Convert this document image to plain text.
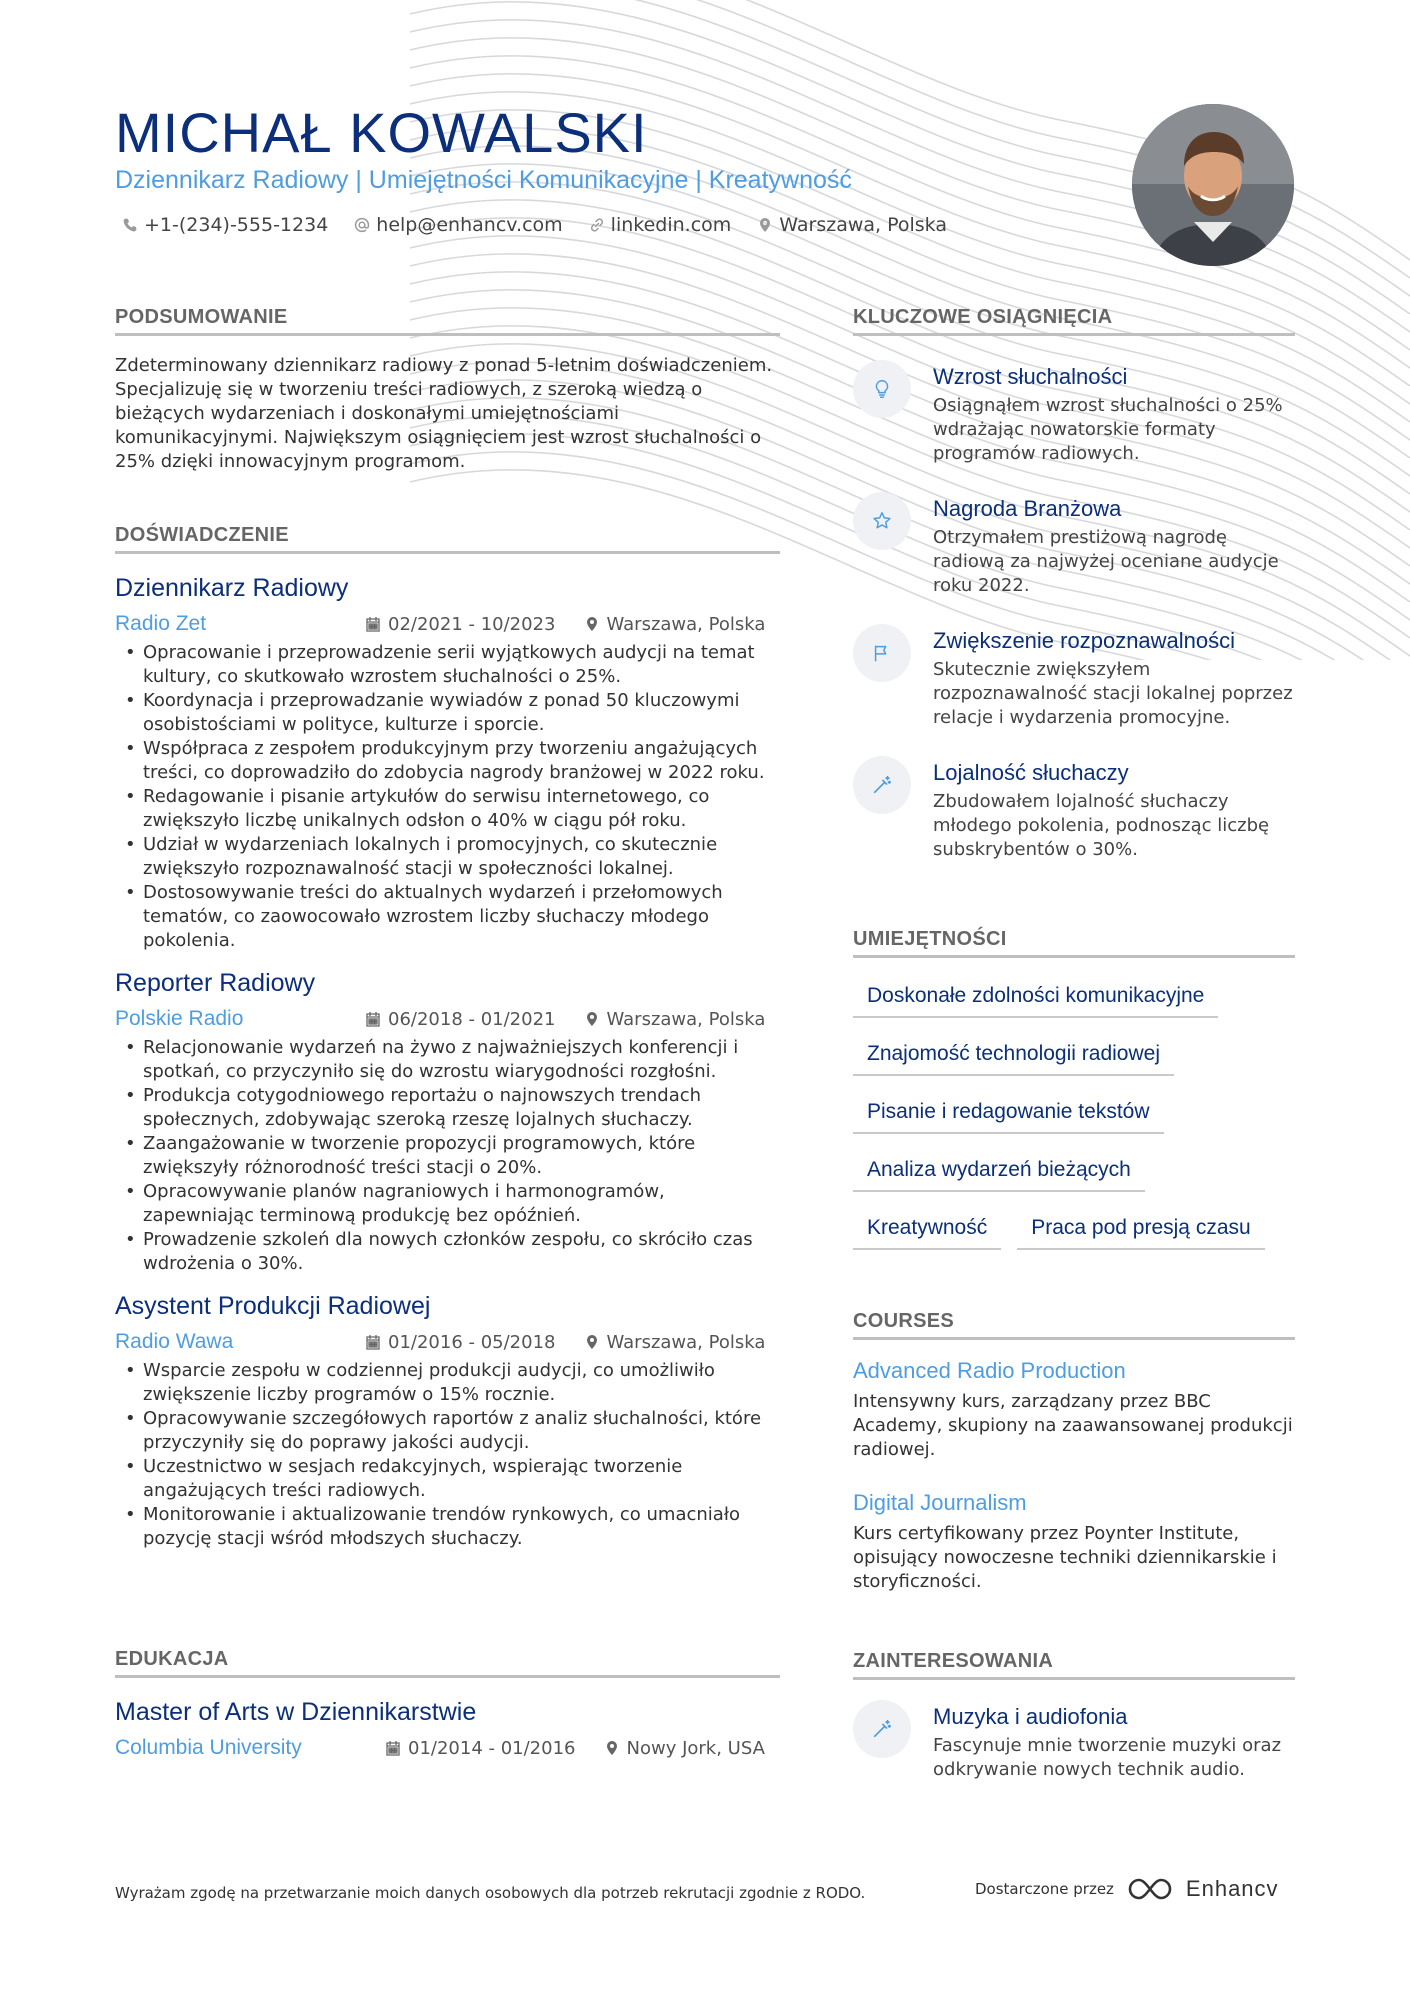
MICHAŁ KOWALSKI
Dziennikarz Radiowy | Umiejętności Komunikacyjne | Kreatywność
+1-(234)-555-1234	help@enhancv.com	linkedin.com	Warszawa, Polska
PODSUMOWANIE

Zdeterminowany dziennikarz radiowy z ponad 5-letnim doświadczeniem. Specjalizuję się w tworzeniu treści radiowych, z szeroką wiedzą o bieżących wydarzeniach i doskonałymi umiejętnościami komunikacyjnymi. Największym osiągnięciem jest wzrost słuchalności o 25% dzięki innowacyjnym programom.

DOŚWIADCZENIE
Dziennikarz Radiowy
Radio Zet	02/2021 - 10/2023	Warszawa, Polska
• Opracowanie i przeprowadzenie serii wyjątkowych audycji na temat kultury, co skutkowało wzrostem słuchalności o 25%.
• Koordynacja i przeprowadzanie wywiadów z ponad 50 kluczowymi osobistościami w polityce, kulturze i sporcie.
• Współpraca z zespołem produkcyjnym przy tworzeniu angażujących treści, co doprowadziło do zdobycia nagrody branżowej w 2022 roku.
• Redagowanie i pisanie artykułów do serwisu internetowego, co zwiększyło liczbę unikalnych odsłon o 40% w ciągu pół roku.
• Udział w wydarzeniach lokalnych i promocyjnych, co skutecznie zwiększyło rozpoznawalność stacji w społeczności lokalnej.
• Dostosowywanie treści do aktualnych wydarzeń i przełomowych tematów, co zaowocowało wzrostem liczby słuchaczy młodego pokolenia.
Reporter Radiowy
Polskie Radio	06/2018 - 01/2021	Warszawa, Polska
• Relacjonowanie wydarzeń na żywo z najważniejszych konferencji i spotkań, co przyczyniło się do wzrostu wiarygodności rozgłośni.
• Produkcja cotygodniowego reportażu o najnowszych trendach społecznych, zdobywając szeroką rzeszę lojalnych słuchaczy.
• Zaangażowanie w tworzenie propozycji programowych, które zwiększyły różnorodność treści stacji o 20%.
• Opracowywanie planów nagraniowych i harmonogramów, zapewniając terminową produkcję bez opóźnień.
• Prowadzenie szkoleń dla nowych członków zespołu, co skróciło czas wdrożenia o 30%.
Asystent Produkcji Radiowej
Radio Wawa	01/2016 - 05/2018	Warszawa, Polska
• Wsparcie zespołu w codziennej produkcji audycji, co umożliwiło zwiększenie liczby programów o 15% rocznie.
• Opracowywanie szczegółowych raportów z analiz słuchalności, które przyczyniły się do poprawy jakości audycji.
• Uczestnictwo w sesjach redakcyjnych, wspierając tworzenie angażujących treści radiowych.
• Monitorowanie i aktualizowanie trendów rynkowych, co umacniało pozycję stacji wśród młodszych słuchaczy.
EDUKACJA
Master of Arts w Dziennikarstwie
Columbia University	01/2014 - 01/2016	Nowy Jork, USA
KLUCZOWE OSIĄGNIĘCIA
Wzrost słuchalności
Osiągnąłem wzrost słuchalności o 25% wdrażając nowatorskie formaty programów radiowych.
Nagroda Branżowa
Otrzymałem prestiżową nagrodę radiową za najwyżej oceniane audycje roku 2022.
Zwiększenie rozpoznawalności
Skutecznie zwiększyłem rozpoznawalność stacji lokalnej poprzez relacje i wydarzenia promocyjne.
Lojalność słuchaczy
Zbudowałem lojalność słuchaczy młodego pokolenia, podnosząc liczbę subskrybentów o 30%.
UMIEJĘTNOŚCI
Doskonałe zdolności komunikacyjne
Znajomość technologii radiowej
Pisanie i redagowanie tekstów
Analiza wydarzeń bieżących
Kreatywność	Praca pod presją czasu
COURSES
Advanced Radio Production
Intensywny kurs, zarządzany przez BBC Academy, skupiony na zaawansowanej produkcji radiowej.
Digital Journalism
Kurs certyfikowany przez Poynter Institute, opisujący nowoczesne techniki dziennikarskie i storyficzności.
ZAINTERESOWANIA
Muzyka i audiofonia
Fascynuje mnie tworzenie muzyki oraz odkrywanie nowych technik audio.
Wyrażam zgodę na przetwarzanie moich danych osobowych dla potrzeb rekrutacji zgodnie z RODO.	Dostarczone przez	Enhancv
